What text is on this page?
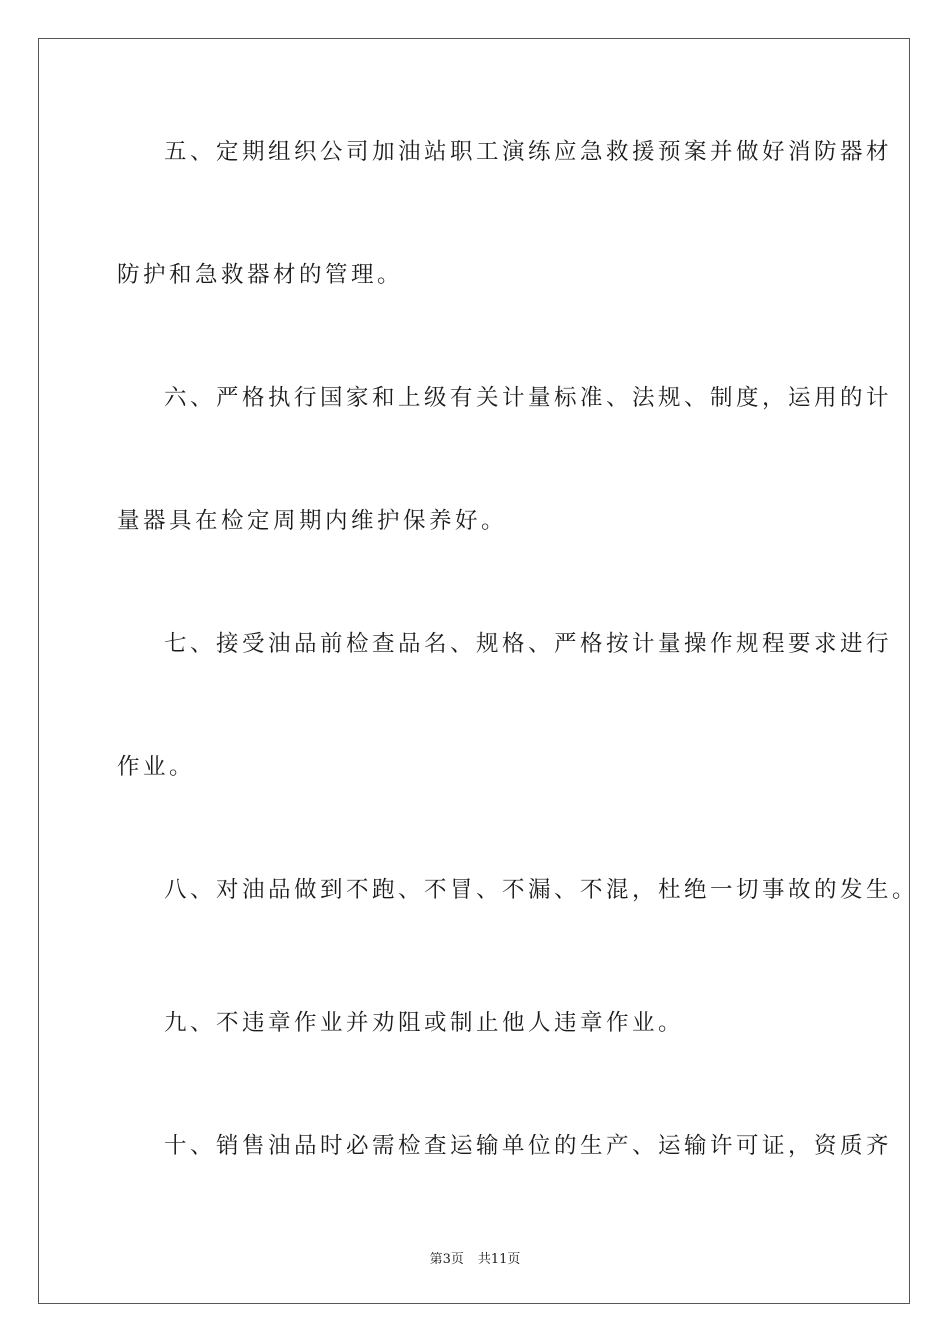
五、定期组织公司加油站职工演练应急救援预案并做好消防器材
防护和急救器材的管理。
六、严格执行国家和上级有关计量标准、法规、制度，运用的计
量器具在检定周期内维护保养好。
七、接受油品前检查品名、规格、严格按计量操作规程要求进行
作业。
八、对油品做到不跑、不冒、不漏、不混，杜绝一切事故的发生。
九、不违章作业并劝阻或制止他人违章作业。
十、销售油品时必需检查运输单位的生产、运输许可证，资质齐
第3页 共11页
